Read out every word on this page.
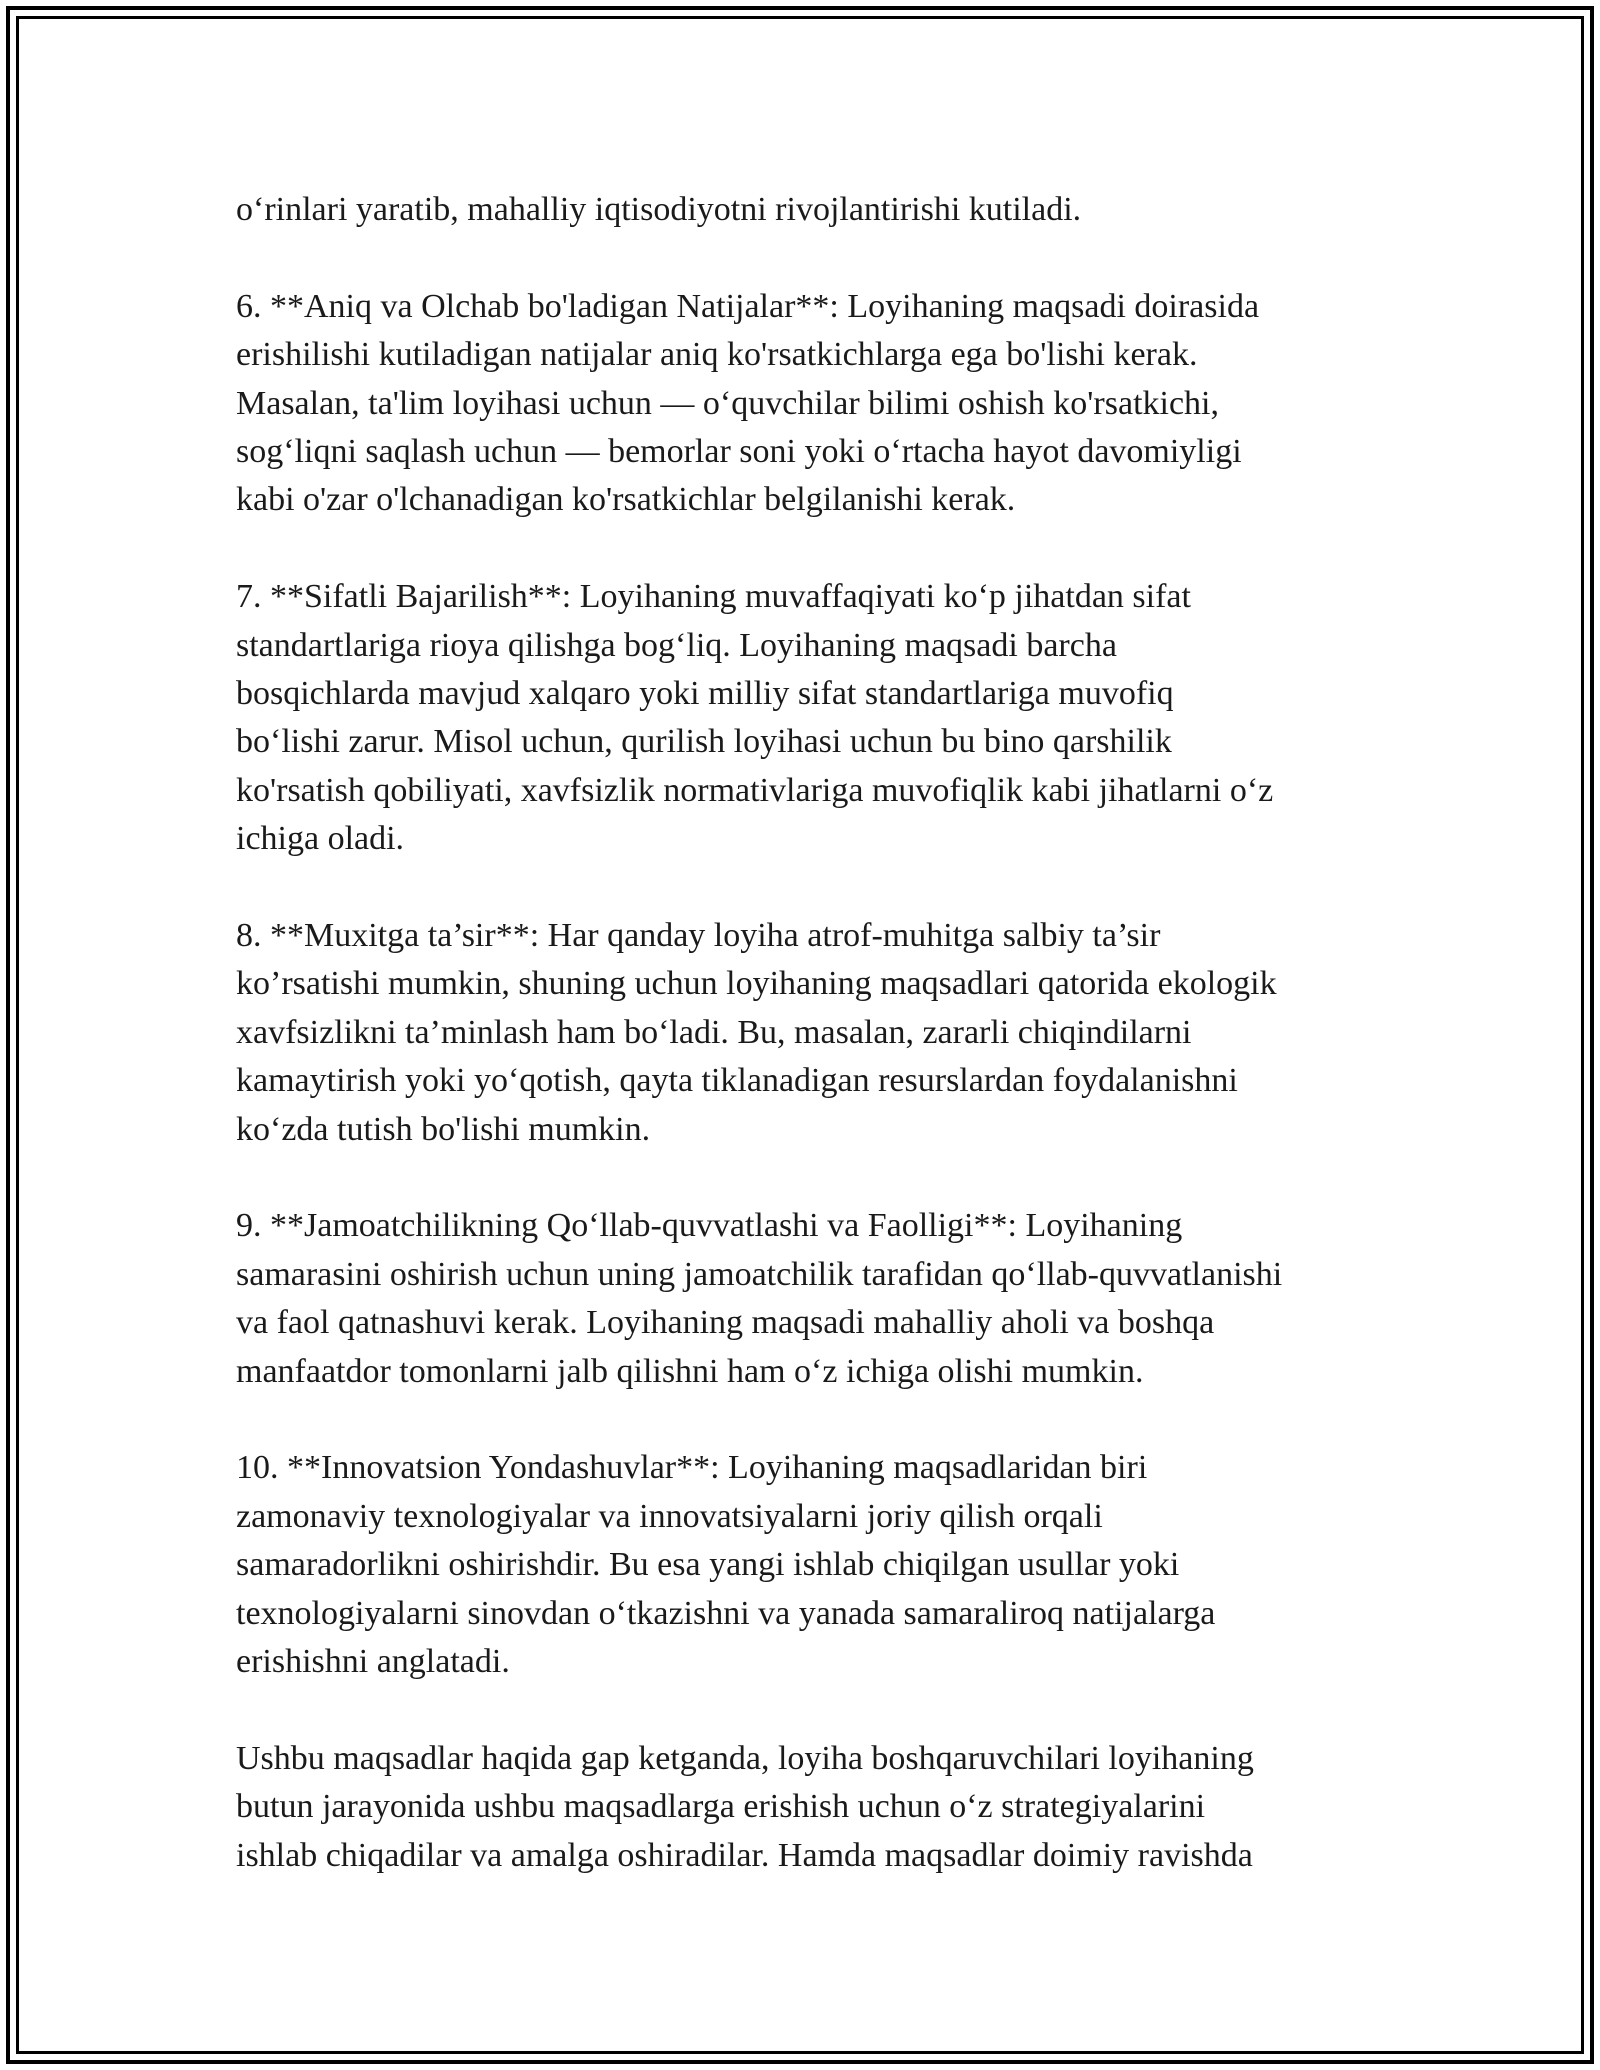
o‘rinlari yaratib, mahalliy iqtisodiyotni rivojlantirishi kutiladi.

6. **Aniq va Olchab bo'ladigan Natijalar**: Loyihaning maqsadi doirasida
erishilishi kutiladigan natijalar aniq ko'rsatkichlarga ega bo'lishi kerak.
Masalan, ta'lim loyihasi uchun — o‘quvchilar bilimi oshish ko'rsatkichi,
sog‘liqni saqlash uchun — bemorlar soni yoki o‘rtacha hayot davomiyligi
kabi o'zar o'lchanadigan ko'rsatkichlar belgilanishi kerak.

7. **Sifatli Bajarilish**: Loyihaning muvaffaqiyati ko‘p jihatdan sifat
standartlariga rioya qilishga bog‘liq. Loyihaning maqsadi barcha
bosqichlarda mavjud xalqaro yoki milliy sifat standartlariga muvofiq
bo‘lishi zarur. Misol uchun, qurilish loyihasi uchun bu bino qarshilik
ko'rsatish qobiliyati, xavfsizlik normativlariga muvofiqlik kabi jihatlarni o‘z
ichiga oladi.

8. **Muxitga ta’sir**: Har qanday loyiha atrof-muhitga salbiy ta’sir
ko’rsatishi mumkin, shuning uchun loyihaning maqsadlari qatorida ekologik
xavfsizlikni ta’minlash ham bo‘ladi. Bu, masalan, zararli chiqindilarni
kamaytirish yoki yo‘qotish, qayta tiklanadigan resurslardan foydalanishni
ko‘zda tutish bo'lishi mumkin.

9. **Jamoatchilikning Qo‘llab-quvvatlashi va Faolligi**: Loyihaning
samarasini oshirish uchun uning jamoatchilik tarafidan qo‘llab-quvvatlanishi
va faol qatnashuvi kerak. Loyihaning maqsadi mahalliy aholi va boshqa
manfaatdor tomonlarni jalb qilishni ham o‘z ichiga olishi mumkin.

10. **Innovatsion Yondashuvlar**: Loyihaning maqsadlaridan biri
zamonaviy texnologiyalar va innovatsiyalarni joriy qilish orqali
samaradorlikni oshirishdir. Bu esa yangi ishlab chiqilgan usullar yoki
texnologiyalarni sinovdan o‘tkazishni va yanada samaraliroq natijalarga
erishishni anglatadi.

Ushbu maqsadlar haqida gap ketganda, loyiha boshqaruvchilari loyihaning
butun jarayonida ushbu maqsadlarga erishish uchun o‘z strategiyalarini
ishlab chiqadilar va amalga oshiradilar. Hamda maqsadlar doimiy ravishda
